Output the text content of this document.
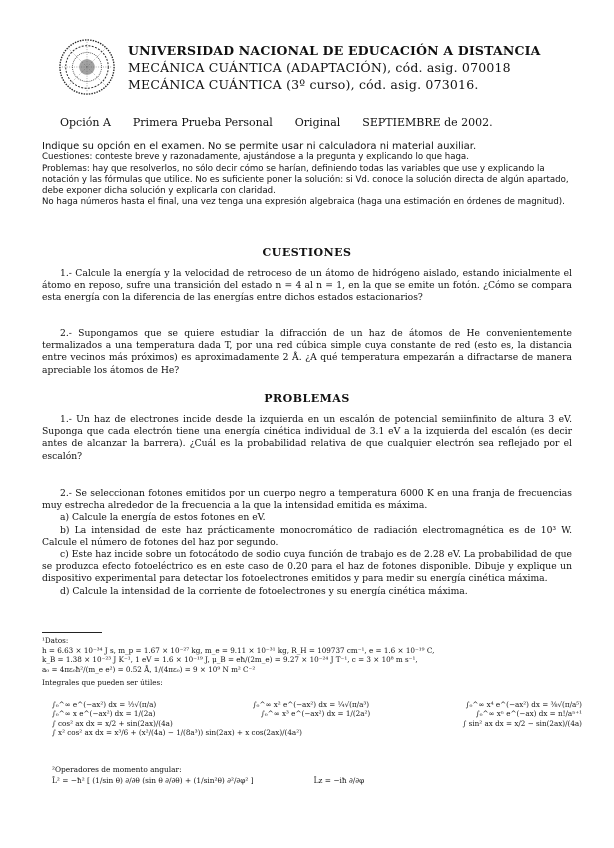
UNIVERSIDAD NACIONAL DE EDUCACIÓN A DISTANCIA
MECÁNICA CUÁNTICA (ADAPTACIÓN), cód. asig. 070018
MECÁNICA CUÁNTICA (3º curso), cód. asig. 073016.
Opción A Primera Prueba Personal Original SEPTIEMBRE de 2002.

Indique su opción en el examen. No se permite usar ni calculadora ni material auxiliar.

Cuestiones: conteste breve y razonadamente, ajustándose a la pregunta y explicando lo que haga.

Problemas: hay que resolverlos, no sólo decir cómo se harían, definiendo todas las variables que use y explicando la notación y las fórmulas que utilice. No es suficiente poner la solución: si Vd. conoce la solución directa de algún apartado, debe exponer dicha solución y explicarla con claridad.

No haga números hasta el final, una vez tenga una expresión algebraica (haga una estimación en órdenes de magnitud).

CUESTIONES

1.- Calcule la energía y la velocidad de retroceso de un átomo de hidrógeno aislado, estando inicialmente el átomo en reposo, sufre una transición del estado n = 4 al n = 1, en la que se emite un fotón. ¿Cómo se compara esta energía con la diferencia de las energías entre dichos estados estacionarios?

2.- Supongamos que se quiere estudiar la difracción de un haz de átomos de He convenientemente termalizados a una temperatura dada T, por una red cúbica simple cuya constante de red (esto es, la distancia entre vecinos más próximos) es aproximadamente 2 Å. ¿A qué temperatura empezarán a difractarse de manera apreciable los átomos de He?

PROBLEMAS

1.- Un haz de electrones incide desde la izquierda en un escalón de potencial semiinfinito de altura 3 eV. Suponga que cada electrón tiene una energía cinética individual de 3.1 eV a la izquierda del escalón (es decir antes de alcanzar la barrera). ¿Cuál es la probabilidad relativa de que cualquier electrón sea reflejado por el escalón?

2.- Se seleccionan fotones emitidos por un cuerpo negro a temperatura 6000 K en una franja de frecuencias muy estrecha alrededor de la frecuencia a la que la intensidad emitida es máxima.

a) Calcule la energía de estos fotones en eV.

b) La intensidad de este haz prácticamente monocromático de radiación electromagnética es de 10³ W. Calcule el número de fotones del haz por segundo.

c) Este haz incide sobre un fotocátodo de sodio cuya función de trabajo es de 2.28 eV. La probabilidad de que se produzca efecto fotoeléctrico es en este caso de 0.20 para el haz de fotones disponible. Dibuje y explique un dispositivo experimental para detectar los fotoelectrones emitidos y para medir su energía cinética máxima.

d) Calcule la intensidad de la corriente de fotoelectrones y su energía cinética máxima.

¹Datos:

h = 6.63 × 10⁻³⁴ J s, m_p = 1.67 × 10⁻²⁷ kg, m_e = 9.11 × 10⁻³¹ kg, R_H = 109737 cm⁻¹, e = 1.6 × 10⁻¹⁹ C,

k_B = 1.38 × 10⁻²³ J K⁻¹, 1 eV = 1.6 × 10⁻¹⁹ J, μ_B = eħ/(2m_e) = 9.27 × 10⁻²⁴ J T⁻¹, c = 3 × 10⁸ m s⁻¹,

a₀ = 4πε₀ħ²/(m_e e²) = 0.52 Å, 1/(4πε₀) = 9 × 10⁹ N m² C⁻²

Integrales que pueden ser útiles:

∫₀^∞ e^(−ax²) dx = ½√(π/a)	∫₀^∞ x² e^(−ax²) dx = ¼√(π/a³)	∫₀^∞ x⁴ e^(−ax²) dx = ⅜√(π/a⁵)
∫₀^∞ x e^(−ax²) dx = 1/(2a)	∫₀^∞ x³ e^(−ax²) dx = 1/(2a²)	∫₀^∞ xⁿ e^(−ax) dx = n!/aⁿ⁺¹
∫ cos² ax dx = x/2 + sin(2ax)/(4a)	∫ sin² ax dx = x/2 − sin(2ax)/(4a)
∫ x² cos² ax dx = x³/6 + (x²/(4a) − 1/(8a³)) sin(2ax) + x cos(2ax)/(4a²)
²Operadores de momento angular:
L̂² = −ħ² [ (1/sin θ) ∂/∂θ (sin θ ∂/∂θ) + (1/sin²θ) ∂²/∂φ² ]	L̂z = −iħ ∂/∂φ
